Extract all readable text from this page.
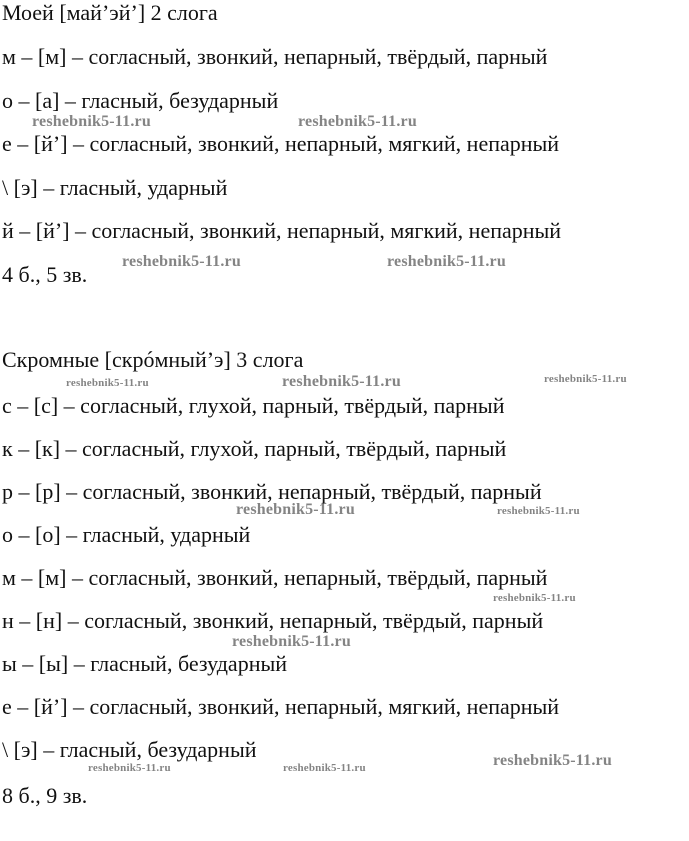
Моей [май’эй’] 2 слога

м – [м] – согласный, звонкий, непарный, твёрдый, парный

о – [а] – гласный, безударный

е – [й’] – согласный, звонкий, непарный, мягкий, непарный

\ [э] – гласный, ударный

й – [й’] – согласный, звонкий, непарный, мягкий, непарный

4 б., 5 зв.

Скромные [скрóмный’э] 3 слога

с – [с] – согласный, глухой, парный, твёрдый, парный

к – [к] – согласный, глухой, парный, твёрдый, парный

р – [р] – согласный, звонкий, непарный, твёрдый, парный

о – [о] – гласный, ударный

м – [м] – согласный, звонкий, непарный, твёрдый, парный

н – [н] – согласный, звонкий, непарный, твёрдый, парный

ы – [ы] – гласный, безударный

е – [й’] – согласный, звонкий, непарный, мягкий, непарный

\ [э] – гласный, безударный

8 б., 9 зв.

reshebnik5-11.ru	reshebnik5-11.ru
reshebnik5-11.ru	reshebnik5-11.ru
reshebnik5-11.ru	reshebnik5-11.ru	reshebnik5-11.ru
reshebnik5-11.ru	reshebnik5-11.ru
reshebnik5-11.ru
reshebnik5-11.ru
reshebnik5-11.ru	reshebnik5-11.ru	reshebnik5-11.ru
